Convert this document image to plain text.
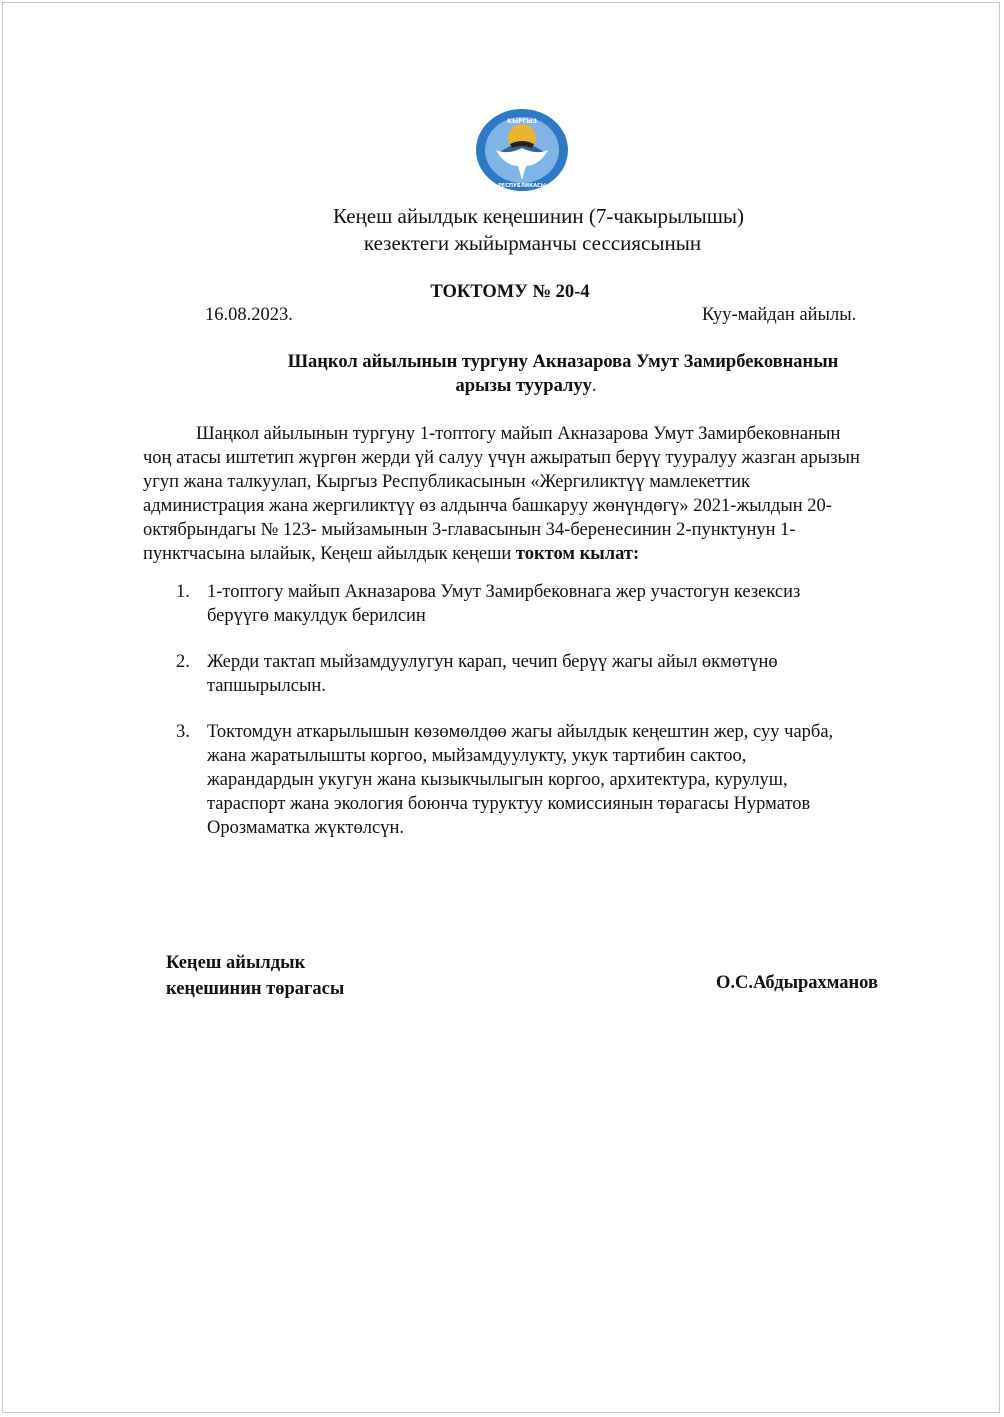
КЫРГЫЗ
РЕСПУБЛИКАСЫ
Кеңеш айылдык кеңешинин (7-чакырылышы)
кезектеги жыйырманчы сессиясынын
ТОКТОМУ № 20-4
16.08.2023.	Куу-майдан айылы.
Шаңкол айылынын тургуну Акназарова Умут Замирбековнанын
арызы тууралуу.
Шаңкол айылынын тургуну 1-топтогу майып Акназарова Умут Замирбековнанын
чоң атасы иштетип жүргөн жерди үй салуу үчүн ажыратып берүү тууралуу жазган арызын
угуп жана талкуулап, Кыргыз Республикасынын «Жергиликтүү мамлекеттик
администрация жана жергиликтүү өз алдынча башкаруу жөнүндөгү» 2021-жылдын 20-
октябрындагы № 123- мыйзамынын 3-главасынын 34-беренесинин 2-пунктунун 1-
пунктчасына ылайык, Кеңеш айылдык кеңеши токтом кылат:
1. 1-топтогу майып Акназарова Умут Замирбековнага жер участогун кезексиз
берүүгө макулдук берилсин
2. Жерди тактап мыйзамдуулугун карап, чечип берүү жагы айыл өкмөтүнө
тапшырылсын.
3. Токтомдун аткарылышын көзөмөлдөө жагы айылдык кеңештин жер, суу чарба,
жана жаратылышты коргоо, мыйзамдуулукту, укук тартибин сактоо,
жарандардын укугун жана кызыкчылыгын коргоо, архитектура, курулуш,
тараспорт жана экология боюнча туруктуу комиссиянын төрагасы Нурматов
Орозмаматка жүктөлсүн.
Кеңеш айылдык
кеңешинин төрагасы	О.С.Абдырахманов
